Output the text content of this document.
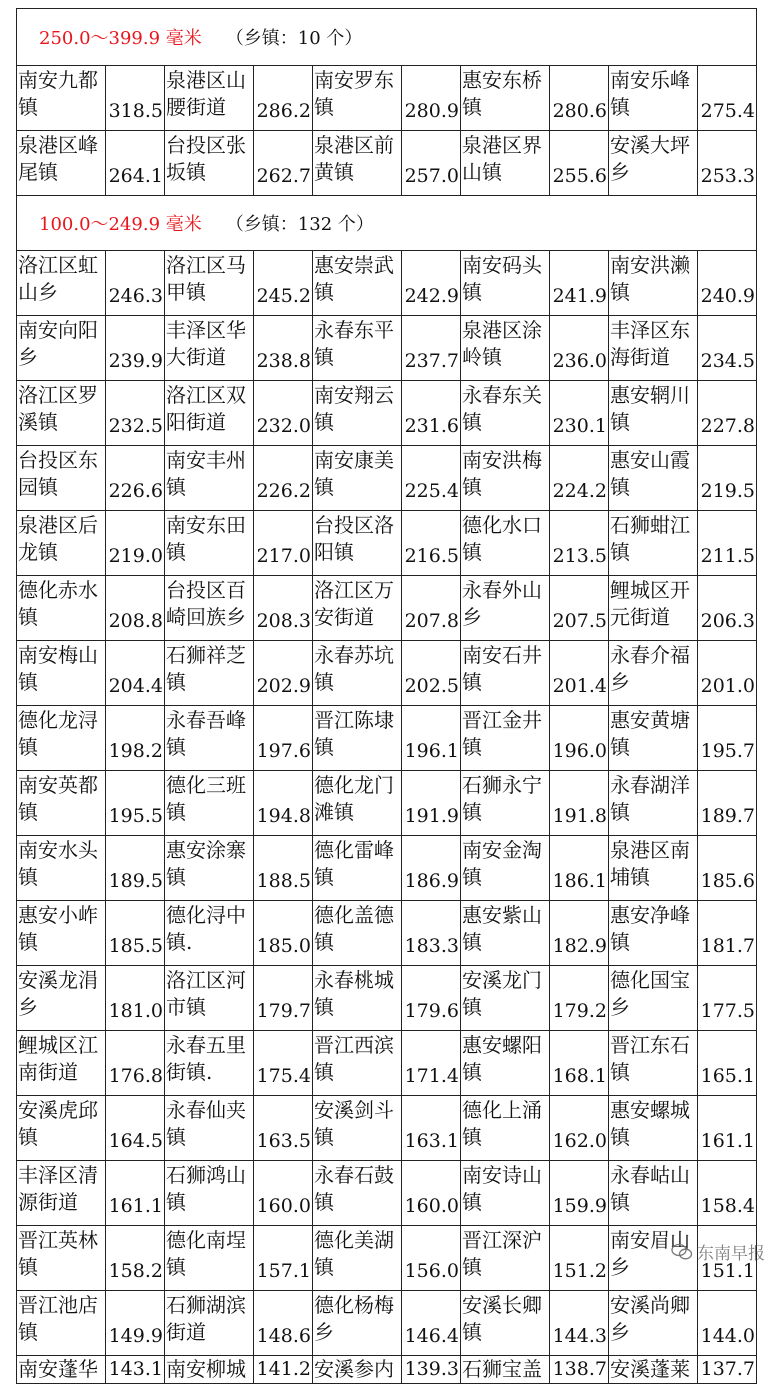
250.0～399.9 毫米 （乡镇：10 个）									
南安九都镇	318.5	泉港区山腰街道	286.2	南安罗东镇	280.9	惠安东桥镇	280.6	南安乐峰镇	275.4
泉港区峰尾镇	264.1	台投区张坂镇	262.7	泉港区前黄镇	257.0	泉港区界山镇	255.6	安溪大坪乡	253.3
100.0～249.9 毫米 （乡镇：132 个）									
洛江区虹山乡	246.3	洛江区马甲镇	245.2	惠安崇武镇	242.9	南安码头镇	241.9	南安洪濑镇	240.9
南安向阳乡	239.9	丰泽区华大街道	238.8	永春东平镇	237.7	泉港区涂岭镇	236.0	丰泽区东海街道	234.5
洛江区罗溪镇	232.5	洛江区双阳街道	232.0	南安翔云镇	231.6	永春东关镇	230.1	惠安辋川镇	227.8
台投区东园镇	226.6	南安丰州镇	226.2	南安康美镇	225.4	南安洪梅镇	224.2	惠安山霞镇	219.5
泉港区后龙镇	219.0	南安东田镇	217.0	台投区洛阳镇	216.5	德化水口镇	213.5	石狮蚶江镇	211.5
德化赤水镇	208.8	台投区百崎回族乡	208.3	洛江区万安街道	207.8	永春外山乡	207.5	鲤城区开元街道	206.3
南安梅山镇	204.4	石狮祥芝镇	202.9	永春苏坑镇	202.5	南安石井镇	201.4	永春介福乡	201.0
德化龙浔镇	198.2	永春吾峰镇	197.6	晋江陈埭镇	196.1	晋江金井镇	196.0	惠安黄塘镇	195.7
南安英都镇	195.5	德化三班镇	194.8	德化龙门滩镇	191.9	石狮永宁镇	191.8	永春湖洋镇	189.7
南安水头镇	189.5	惠安涂寨镇	188.5	德化雷峰镇	186.9	南安金淘镇	186.1	泉港区南埔镇	185.6
惠安小岞镇	185.5	德化浔中镇.	185.0	德化盖德镇	183.3	惠安紫山镇	182.9	惠安净峰镇	181.7
安溪龙涓乡	181.0	洛江区河市镇	179.7	永春桃城镇	179.6	安溪龙门镇	179.2	德化国宝乡	177.5
鲤城区江南街道	176.8	永春五里街镇.	175.4	晋江西滨镇	171.4	惠安螺阳镇	168.1	晋江东石镇	165.1
安溪虎邱镇	164.5	永春仙夹镇	163.5	安溪剑斗镇	163.1	德化上涌镇	162.0	惠安螺城镇	161.1
丰泽区清源街道	161.1	石狮鸿山镇	160.0	永春石鼓镇	160.0	南安诗山镇	159.9	永春岵山镇	158.4
晋江英林镇	158.2	德化南埕镇	157.1	德化美湖镇	156.0	晋江深沪镇	151.2	南安眉山乡	151.1
晋江池店镇	149.9	石狮湖滨街道	148.6	德化杨梅乡	146.4	安溪长卿镇	144.3	安溪尚卿乡	144.0
南安蓬华	143.1	南安柳城	141.2	安溪参内	139.3	石狮宝盖	138.7	安溪蓬莱	137.7
东南早报
